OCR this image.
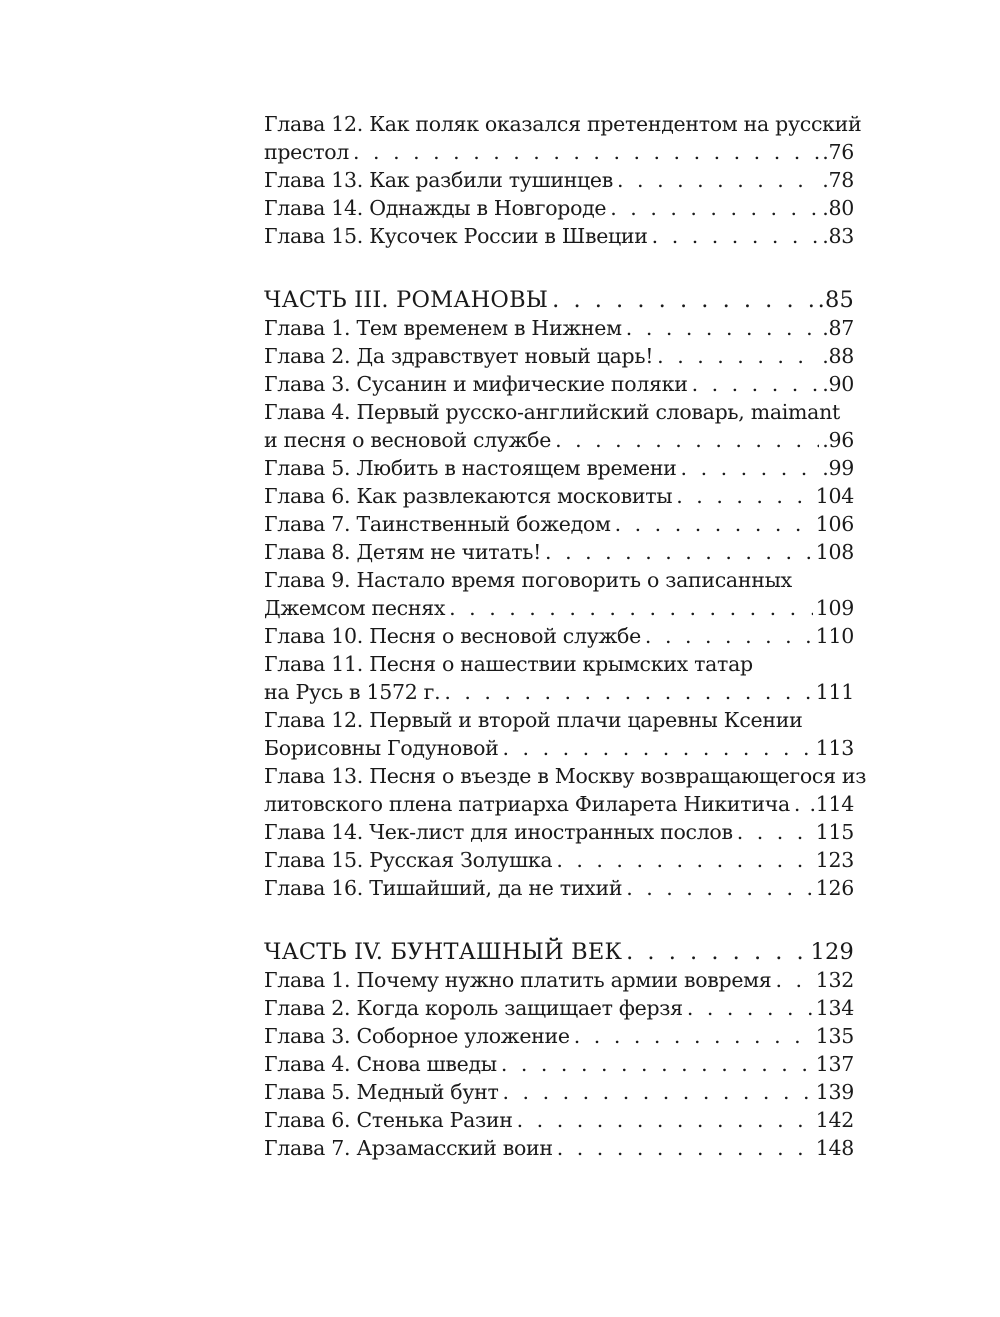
Глава 12. Как поляк оказался претендентом на русский
престол . . .	.76
Глава 13. Как разбили тушинцев . . .	.78
Глава 14. Однажды в Новгороде . . .	.80
Глава 15. Кусочек России в Швеции . . .	.83
ЧАСТЬ III. РОМАНОВЫ . . .	.85
Глава 1. Тем временем в Нижнем . . .	.87
Глава 2. Да здравствует новый царь! . . .	.88
Глава 3. Сусанин и мифические поляки . . .	.90
Глава 4. Первый русско-английский словарь, maimant
и песня о весновой службе . . .	.96
Глава 5. Любить в настоящем времени . . .	.99
Глава 6. Как развлекаются московиты . . .	104
Глава 7. Таинственный божедом . . .	106
Глава 8. Детям не читать! . . .	108
Глава 9. Настало время поговорить о записанных
Джемсом песнях . . .	109
Глава 10. Песня о весновой службе . . .	110
Глава 11. Песня о нашествии крымских татар
на Русь в 1572 г. . . .	111
Глава 12. Первый и второй плачи царевны Ксении
Борисовны Годуновой . . .	113
Глава 13. Песня о въезде в Москву возвращающегося из
литовского плена патриарха Филарета Никитича . . . .114
Глава 14. Чек-лист для иностранных послов . . .	115
Глава 15. Русская Золушка . . .	123
Глава 16. Тишайший, да не тихий . . .	126
ЧАСТЬ IV. БУНТАШНЫЙ ВЕК . . .	129
Глава 1. Почему нужно платить армии вовремя . . . 132
Глава 2. Когда король защищает ферзя . . .	134
Глава 3. Соборное уложение . . .	135
Глава 4. Снова шведы . . .	137
Глава 5. Медный бунт . . .	139
Глава 6. Стенька Разин . . .	142
Глава 7. Арзамасский воин . . .	148
